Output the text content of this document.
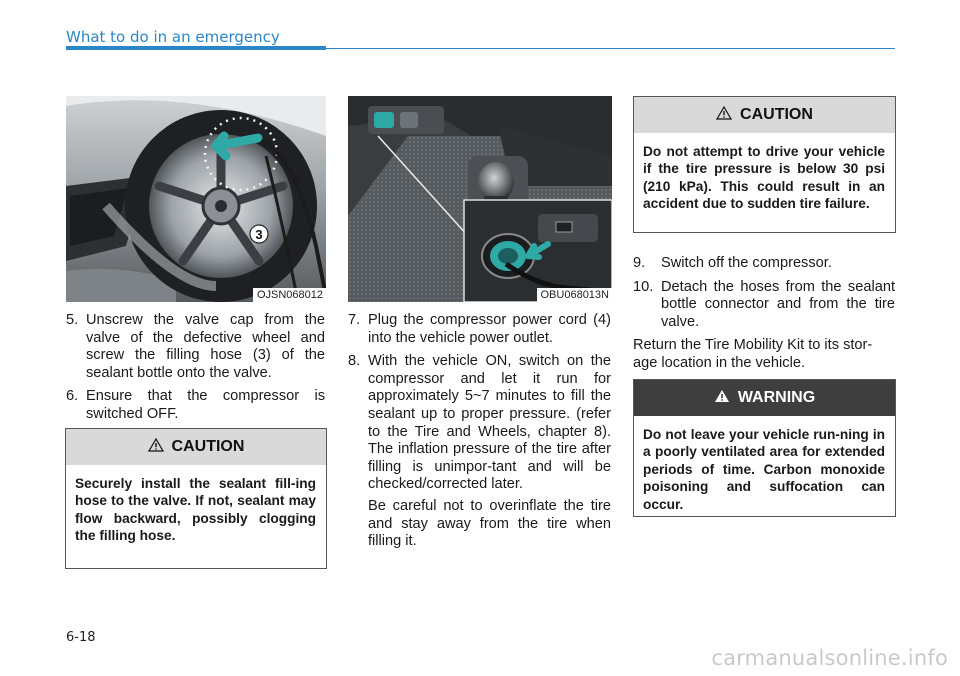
What to do in an emergency
3
OJSN068012	OBU068013N
5. Unscrew the valve cap from the valve of the defective wheel and screw the filling hose (3) of the sealant bottle onto the valve.
6. Ensure that the compressor is switched OFF.
CAUTION
Securely install the sealant fill-ing hose to the valve. If not, sealant may flow backward, possibly clogging the filling hose.
7. Plug the compressor power cord (4) into the vehicle power outlet.
8. With the vehicle ON, switch on the compressor and let it run for approximately 5~7 minutes to fill the sealant up to proper pressure. (refer to the Tire and Wheels, chapter 8). The inflation pressure of the tire after filling is unimpor-tant and will be checked/corrected later.
Be careful not to overinflate the tire and stay away from the tire when filling it.
CAUTION
Do not attempt to drive your vehicle if the tire pressure is below 30 psi (210 kPa). This could result in an accident due to sudden tire failure.
9.	Switch off the compressor.
10. Detach the hoses from the sealant bottle connector and from the tire valve.

Return the Tire Mobility Kit to its stor-age location in the vehicle.

WARNING
Do not leave your vehicle run-ning in a poorly ventilated area for extended periods of time. Carbon monoxide poisoning and suffocation can occur.
6-18
carmanualsonline.info
